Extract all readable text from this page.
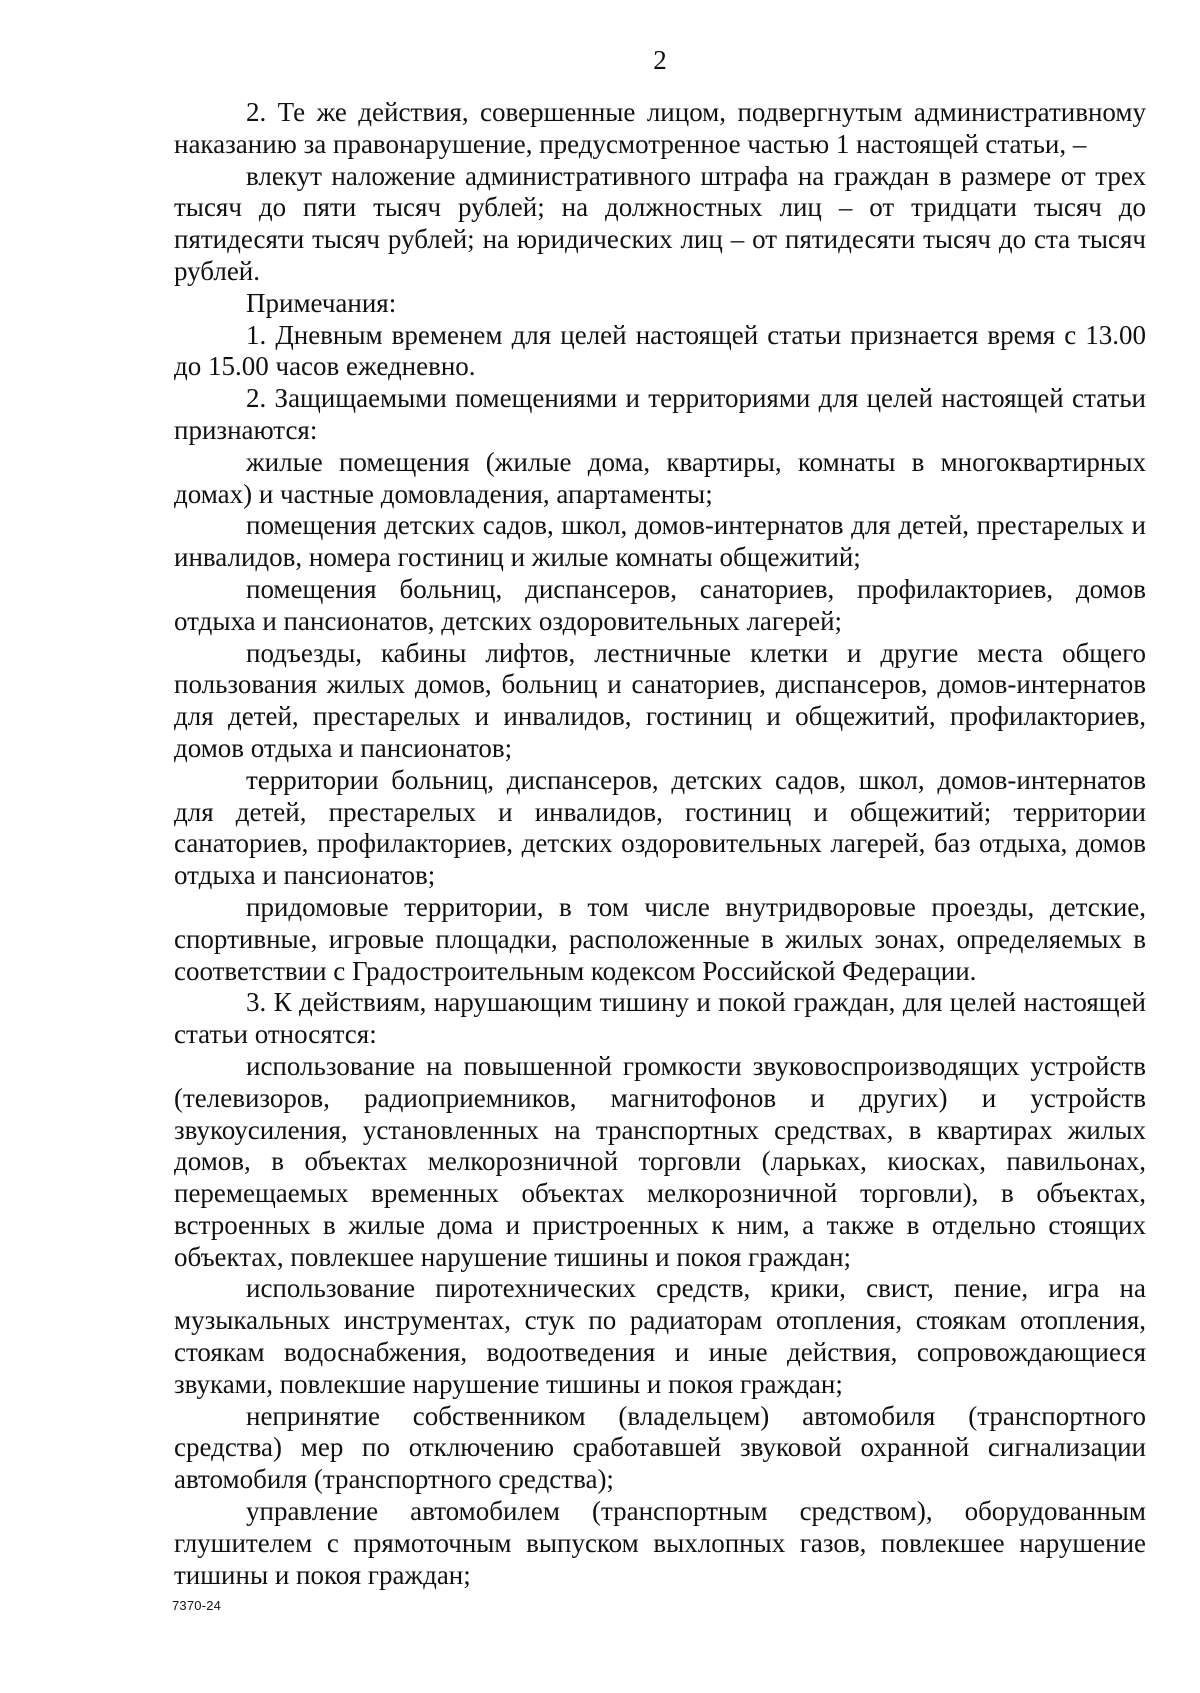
2

2. Те же действия, совершенные лицом, подвергнутым административному наказанию за правонарушение, предусмотренное частью 1 настоящей статьи, –

влекут наложение административного штрафа на граждан в размере от трех тысяч до пяти тысяч рублей; на должностных лиц – от тридцати тысяч до пятидесяти тысяч рублей; на юридических лиц – от пятидесяти тысяч до ста тысяч рублей.

Примечания:

1. Дневным временем для целей настоящей статьи признается время с 13.00 до 15.00 часов ежедневно.

2. Защищаемыми помещениями и территориями для целей настоящей статьи признаются:

жилые помещения (жилые дома, квартиры, комнаты в многоквартирных домах) и частные домовладения, апартаменты;

помещения детских садов, школ, домов-интернатов для детей, престарелых и инвалидов, номера гостиниц и жилые комнаты общежитий;

помещения больниц, диспансеров, санаториев, профилакториев, домов отдыха и пансионатов, детских оздоровительных лагерей;

подъезды, кабины лифтов, лестничные клетки и другие места общего пользования жилых домов, больниц и санаториев, диспансеров, домов-интернатов для детей, престарелых и инвалидов, гостиниц и общежитий, профилакториев, домов отдыха и пансионатов;

территории больниц, диспансеров, детских садов, школ, домов-интернатов для детей, престарелых и инвалидов, гостиниц и общежитий; территории санаториев, профилакториев, детских оздоровительных лагерей, баз отдыха, домов отдыха и пансионатов;

придомовые территории, в том числе внутридворовые проезды, детские, спортивные, игровые площадки, расположенные в жилых зонах, определяемых в соответствии с Градостроительным кодексом Российской Федерации.

3. К действиям, нарушающим тишину и покой граждан, для целей настоящей статьи относятся:

использование на повышенной громкости звуковоспроизводящих устройств (телевизоров, радиоприемников, магнитофонов и других) и устройств звукоусиления, установленных на транспортных средствах, в квартирах жилых домов, в объектах мелкорозничной торговли (ларьках, киосках, павильонах, перемещаемых временных объектах мелкорозничной торговли), в объектах, встроенных в жилые дома и пристроенных к ним, а также в отдельно стоящих объектах, повлекшее нарушение тишины и покоя граждан;

использование пиротехнических средств, крики, свист, пение, игра на музыкальных инструментах, стук по радиаторам отопления, стоякам отопления, стоякам водоснабжения, водоотведения и иные действия, сопровождающиеся звуками, повлекшие нарушение тишины и покоя граждан;

непринятие собственником (владельцем) автомобиля (транспортного средства) мер по отключению сработавшей звуковой охранной сигнализации автомобиля (транспортного средства);

управление автомобилем (транспортным средством), оборудованным глушителем с прямоточным выпуском выхлопных газов, повлекшее нарушение тишины и покоя граждан;

7370-24
